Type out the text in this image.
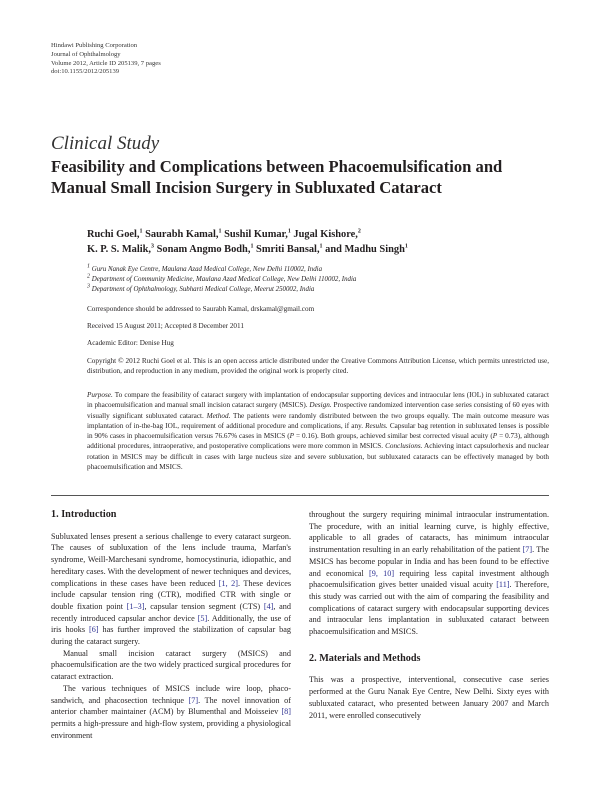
Hindawi Publishing Corporation
Journal of Ophthalmology
Volume 2012, Article ID 205139, 7 pages
doi:10.1155/2012/205139
Clinical Study
Feasibility and Complications between Phacoemulsification and
Manual Small Incision Surgery in Subluxated Cataract
Ruchi Goel,$^1$ Saurabh Kamal,$^1$ Sushil Kumar,$^1$ Jugal Kishore,$^2$
K. P. S. Malik,$^3$ Sonam Angmo Bodh,$^1$ Smriti Bansal,$^1$ and Madhu Singh$^1$
$^1$ Guru Nanak Eye Centre, Maulana Azad Medical College, New Delhi 110002, India
$^2$ Department of Community Medicine, Maulana Azad Medical College, New Delhi 110002, India
$^3$ Department of Ophthalmology, Subharti Medical College, Meerut 250002, India
Correspondence should be addressed to Saurabh Kamal, drskamal@gmail.com
Received 15 August 2011; Accepted 8 December 2011
Academic Editor: Denise Hug

Copyright © 2012 Ruchi Goel et al. This is an open access article distributed under the Creative Commons Attribution License, which permits unrestricted use, distribution, and reproduction in any medium, provided the original work is properly cited.

Purpose. To compare the feasibility of cataract surgery with implantation of endocapsular supporting devices and intraocular lens (IOL) in subluxated cataract in phacoemulsification and manual small incision cataract surgery (MSICS). Design. Prospective randomized intervention case series consisting of 60 eyes with visually significant subluxated cataract. Method. The patients were randomly distributed between the two groups equally. The main outcome measure was implantation of in-the-bag IOL, requirement of additional procedure and complications, if any. Results. Capsular bag retention in subluxated lenses is possible in 90% cases in phacoemulsification versus 76.67% cases in MSICS (P = 0.16). Both groups, achieved similar best corrected visual acuity (P = 0.73), although additional procedures, intraoperative, and postoperative complications were more common in MSICS. Conclusions. Achieving intact capsulorhexis and nuclear rotation in MSICS may be difficult in cases with large nucleus size and severe subluxation, but subluxated cataracts can be effectively managed by both phacoemulsification and MSICS.

1. Introduction

Subluxated lenses present a serious challenge to every cataract surgeon. The causes of subluxation of the lens include trauma, Marfan's syndrome, Weill-Marchesani syndrome, homocystinuria, idiopathic, and hereditary cases. With the development of newer techniques and devices, complications in these cases have been reduced [1, 2]. These devices include capsular tension ring (CTR), modified CTR with single or double fixation point [1–3], capsular tension segment (CTS) [4], and recently introduced capsular anchor device [5]. Additionally, the use of iris hooks [6] has further improved the stabilization of capsular bag during the cataract surgery.

Manual small incision cataract surgery (MSICS) and phacoemulsification are the two widely practiced surgical procedures for cataract extraction.

The various techniques of MSICS include wire loop, phaco-sandwich, and phacosection technique [7]. The novel innovation of anterior chamber maintainer (ACM) by Blumenthal and Moisseiev [8] permits a high-pressure and high-flow system, providing a physiological environment

throughout the surgery requiring minimal intraocular instrumentation. The procedure, with an initial learning curve, is highly effective, applicable to all grades of cataracts, has minimum intraocular instrumentation resulting in an early rehabilitation of the patient [7]. The MSICS has become popular in India and has been found to be effective and economical [9, 10] requiring less capital investment although phacoemulsification gives better unaided visual acuity [11]. Therefore, this study was carried out with the aim of comparing the feasibility and complications of cataract surgery with endocapsular supporting devices and intraocular lens implantation in subluxated cataract between phacoemulsification and MSICS.

2. Materials and Methods

This was a prospective, interventional, consecutive case series performed at the Guru Nanak Eye Centre, New Delhi. Sixty eyes with subluxated cataract, who presented between January 2007 and March 2011, were enrolled consecutively
